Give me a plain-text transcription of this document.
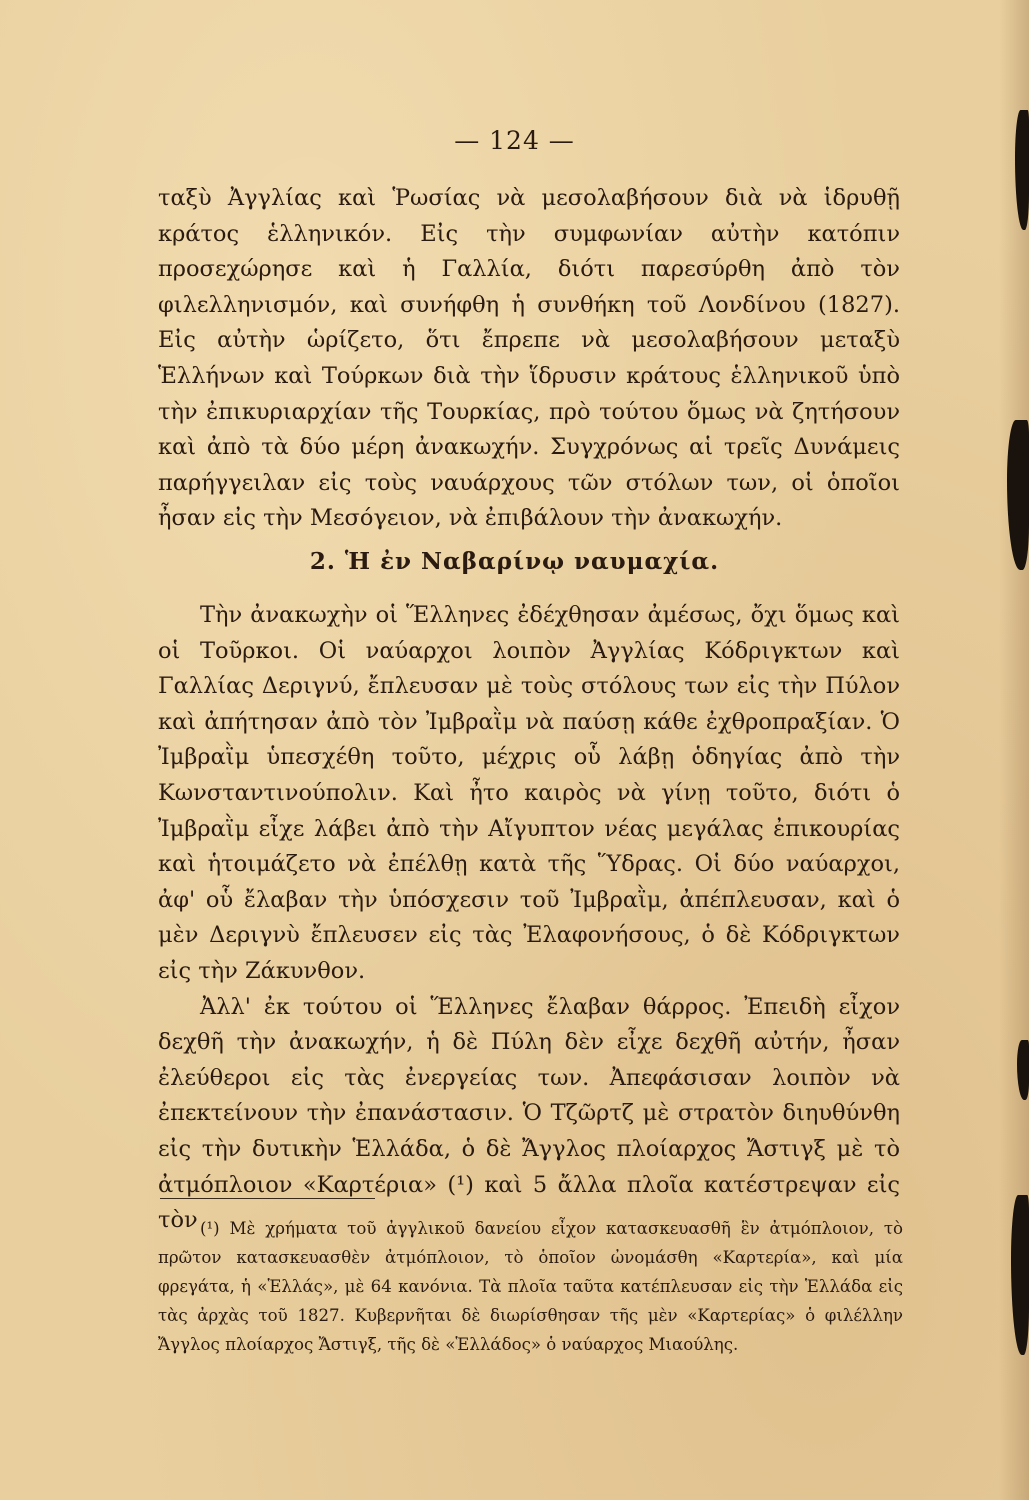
— 124 —

ταξὺ Ἀγγλίας καὶ Ῥωσίας νὰ μεσολαβήσουν διὰ νὰ ἱδρυθῇ κράτος ἑλληνικόν. Εἰς τὴν συμφωνίαν αὐτὴν κατόπιν προσεχώρησε καὶ ἡ Γαλλία, διότι παρεσύρθη ἀπὸ τὸν φιλελληνισμόν, καὶ συνήφθη ἡ συνθήκη τοῦ Λονδίνου (1827). Εἰς αὐτὴν ὡρίζετο, ὅτι ἔπρεπε νὰ μεσολαβήσουν μεταξὺ Ἑλλήνων καὶ Τούρκων διὰ τὴν ἵδρυσιν κράτους ἑλληνικοῦ ὑπὸ τὴν ἐπικυριαρχίαν τῆς Τουρκίας, πρὸ τούτου ὅμως νὰ ζητήσουν καὶ ἀπὸ τὰ δύο μέρη ἀνακωχήν. Συγχρόνως αἱ τρεῖς Δυνάμεις παρήγγειλαν εἰς τοὺς ναυάρχους τῶν στόλων των, οἱ ὁποῖοι ἦσαν εἰς τὴν Μεσόγειον, νὰ ἐπιβάλουν τὴν ἀνακωχήν.

2. Ἡ ἐν Ναβαρίνῳ ναυμαχία.

Τὴν ἀνακωχὴν οἱ Ἕλληνες ἐδέχθησαν ἀμέσως, ὄχι ὅμως καὶ οἱ Τοῦρκοι. Οἱ ναύαρχοι λοιπὸν Ἀγγλίας Κόδριγκτων καὶ Γαλλίας Δεριγνύ, ἔπλευσαν μὲ τοὺς στόλους των εἰς τὴν Πύλον καὶ ἀπήτησαν ἀπὸ τὸν Ἰμβραῒμ νὰ παύσῃ κάθε ἐχθροπραξίαν. Ὁ Ἰμβραῒμ ὑπεσχέθη τοῦτο, μέχρις οὗ λάβῃ ὁδηγίας ἀπὸ τὴν Κωνσταντινούπολιν. Καὶ ἦτο καιρὸς νὰ γίνῃ τοῦτο, διότι ὁ Ἰμβραῒμ εἶχε λάβει ἀπὸ τὴν Αἴγυπτον νέας μεγάλας ἐπικουρίας καὶ ἡτοιμάζετο νὰ ἐπέλθῃ κατὰ τῆς Ὕδρας. Οἱ δύο ναύαρχοι, ἀφ' οὗ ἔλαβαν τὴν ὑπόσχεσιν τοῦ Ἰμβραῒμ, ἀπέπλευσαν, καὶ ὁ μὲν Δεριγνὺ ἔπλευσεν εἰς τὰς Ἐλαφονήσους, ὁ δὲ Κόδριγκτων εἰς τὴν Ζάκυνθον.

Ἀλλ' ἐκ τούτου οἱ Ἕλληνες ἔλαβαν θάρρος. Ἐπειδὴ εἶχον δεχθῆ τὴν ἀνακωχήν, ἡ δὲ Πύλη δὲν εἶχε δεχθῆ αὐτήν, ἦσαν ἐλεύθεροι εἰς τὰς ἐνεργείας των. Ἀπεφάσισαν λοιπὸν νὰ ἐπεκτείνουν τὴν ἐπανάστασιν. Ὁ Τζῶρτζ μὲ στρατὸν διηυθύνθη εἰς τὴν δυτικὴν Ἑλλάδα, ὁ δὲ Ἄγγλος πλοίαρχος Ἄστιγξ μὲ τὸ ἀτμόπλοιον «Καρτέρια» (¹) καὶ 5 ἄλλα πλοῖα κατέστρεψαν εἰς τὸν (¹) Μὲ χρήματα τοῦ ἀγγλικοῦ δανείου εἶχον κατασκευασθῆ ἓν ἀτμόπλοιον, τὸ πρῶτον κατασκευασθὲν ἀτμόπλοιον, τὸ ὁποῖον ὠνομάσθη «Καρτερία», καὶ μία φρεγάτα, ἡ «Ἑλλάς», μὲ 64 κανόνια. Τὰ πλοῖα ταῦτα κατέπλευσαν εἰς τὴν Ἑλλάδα εἰς τὰς ἀρχὰς τοῦ 1827. Κυβερνῆται δὲ διωρίσθησαν τῆς μὲν «Καρτερίας» ὁ φιλέλλην Ἄγγλος πλοίαρχος Ἄστιγξ, τῆς δὲ «Ἑλλάδος» ὁ ναύαρχος Μιαούλης.
